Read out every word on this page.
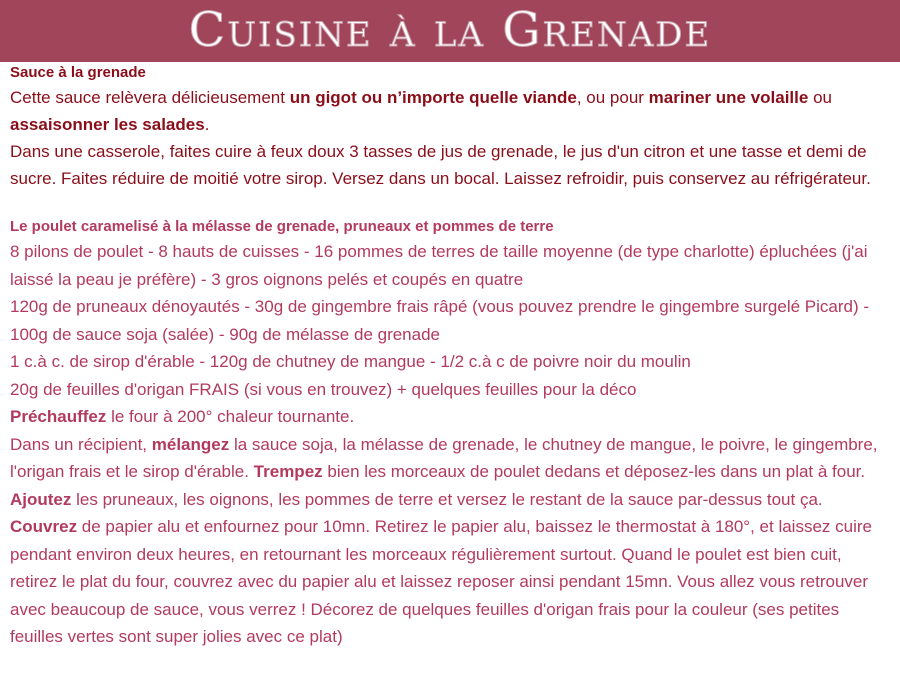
Cuisine à la Grenade

Sauce à la grenade

Cette sauce relèvera délicieusement un gigot ou n’importe quelle viande, ou pour mariner une volaille ou assaisonner les salades.

Dans une casserole, faites cuire à feux doux 3 tasses de jus de grenade, le jus d'un citron et une tasse et demi de sucre. Faites réduire de moitié votre sirop. Versez dans un bocal. Laissez refroidir, puis conservez au réfrigérateur.

Le poulet caramelisé à la mélasse de grenade, pruneaux et pommes de terre

8 pilons de poulet - 8 hauts de cuisses - 16 pommes de terres de taille moyenne (de type charlotte) épluchées (j'ai laissé la peau je préfère) - 3 gros oignons pelés et coupés en quatre

120g de pruneaux dénoyautés - 30g de gingembre frais râpé (vous pouvez prendre le gingembre surgelé Picard) - 100g de sauce soja (salée) - 90g de mélasse de grenade

1 c.à c. de sirop d'érable - 120g de chutney de mangue - 1/2 c.à c de poivre noir du moulin

20g de feuilles d'origan FRAIS (si vous en trouvez) + quelques feuilles pour la déco

Préchauffez le four à 200° chaleur tournante.

Dans un récipient, mélangez la sauce soja, la mélasse de grenade, le chutney de mangue, le poivre, le gingembre, l'origan frais et le sirop d'érable. Trempez bien les morceaux de poulet dedans et déposez-les dans un plat à four. Ajoutez les pruneaux, les oignons, les pommes de terre et versez le restant de la sauce par-dessus tout ça. Couvrez de papier alu et enfournez pour 10mn. Retirez le papier alu, baissez le thermostat à 180°, et laissez cuire pendant environ deux heures, en retournant les morceaux régulièrement surtout. Quand le poulet est bien cuit, retirez le plat du four, couvrez avec du papier alu et laissez reposer ainsi pendant 15mn. Vous allez vous retrouver avec beaucoup de sauce, vous verrez ! Décorez de quelques feuilles d'origan frais pour la couleur (ses petites feuilles vertes sont super jolies avec ce plat)
